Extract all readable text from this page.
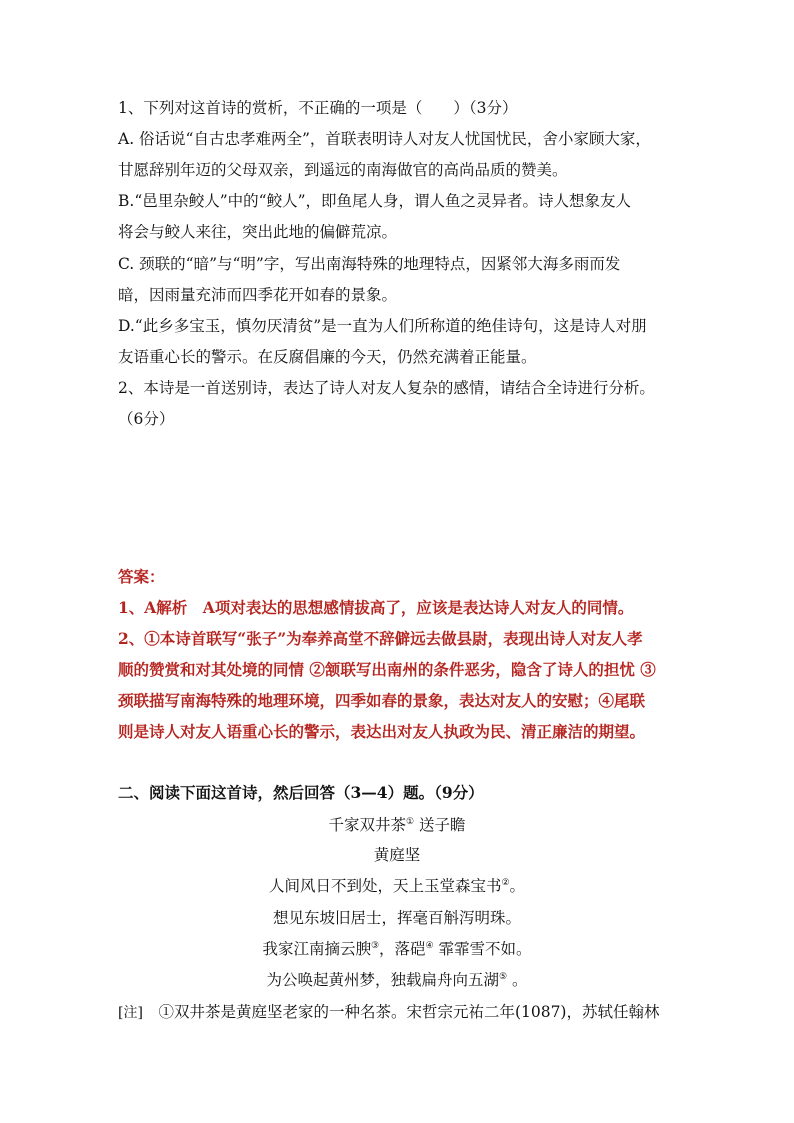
1、下列对这首诗的赏析，不正确的一项是（　　）（3分）
A. 俗话说“自古忠孝难两全”，首联表明诗人对友人忧国忧民，舍小家顾大家，
甘愿辞别年迈的父母双亲，到遥远的南海做官的高尚品质的赞美。
B.“邑里杂鲛人”中的“鲛人”，即鱼尾人身，谓人鱼之灵异者。诗人想象友人
将会与鲛人来往，突出此地的偏僻荒凉。
C. 颈联的“暗”与“明”字，写出南海特殊的地理特点，因紧邻大海多雨而发
暗，因雨量充沛而四季花开如春的景象。
D.“此乡多宝玉，慎勿厌清贫”是一直为人们所称道的绝佳诗句，这是诗人对朋
友语重心长的警示。在反腐倡廉的今天，仍然充满着正能量。
2、本诗是一首送别诗，表达了诗人对友人复杂的感情，请结合全诗进行分析。
（6分）
答案：
1、A解析　A项对表达的思想感情拔高了，应该是表达诗人对友人的同情。
2、①本诗首联写“张子”为奉养高堂不辞僻远去做县尉，表现出诗人对友人孝
顺的赞赏和对其处境的同情 ②颔联写出南州的条件恶劣，隐含了诗人的担忧 ③
颈联描写南海特殊的地理环境，四季如春的景象，表达对友人的安慰；④尾联
则是诗人对友人语重心长的警示，表达出对友人执政为民、清正廉洁的期望。
二、阅读下面这首诗，然后回答（3—4）题。（9分）
千家双井茶① 送子瞻
黄庭坚
人间风日不到处，天上玉堂森宝书②。
想见东坡旧居士，挥毫百斛泻明珠。
我家江南摘云腴③，落硙④ 霏霏雪不如。
为公唤起黄州梦，独载扁舟向五湖⑤ 。
[注]　①双井茶是黄庭坚老家的一种名茶。宋哲宗元祐二年(1087)，苏轼任翰林
